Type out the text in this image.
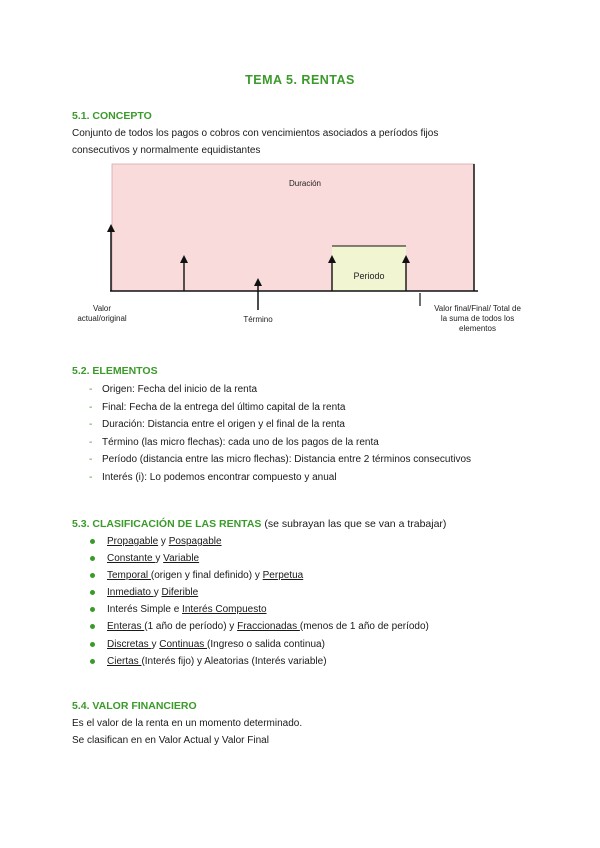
TEMA 5. RENTAS
5.1. CONCEPTO
Conjunto de todos los pagos o cobros con vencimientos asociados a períodos fijos
consecutivos y normalmente equidistantes
Duración
Periodo
Valor
actual/original	Término
Valor final/Final/ Total de
la suma de todos los
elementos
5.2. ELEMENTOS
- Origen: Fecha del inicio de la renta
- Final: Fecha de la entrega del último capital de la renta
- Duración: Distancia entre el origen y el final de la renta
- Término (las micro flechas): cada uno de los pagos de la renta
- Período (distancia entre las micro flechas): Distancia entre 2 términos consecutivos
- Interés (i): Lo podemos encontrar compuesto y anual
5.3. CLASIFICACIÓN DE LAS RENTAS (se subrayan las que se van a trabajar)
Propagable y Pospagable
Constante y Variable
Temporal (origen y final definido) y Perpetua
Inmediato y Diferible
Interés Simple e Interés Compuesto
Enteras (1 año de período) y Fraccionadas (menos de 1 año de período)
Discretas y Continuas (Ingreso o salida continua)
Ciertas (Interés fijo) y Aleatorias (Interés variable)
5.4. VALOR FINANCIERO
Es el valor de la renta en un momento determinado.
Se clasifican en en Valor Actual y Valor Final
